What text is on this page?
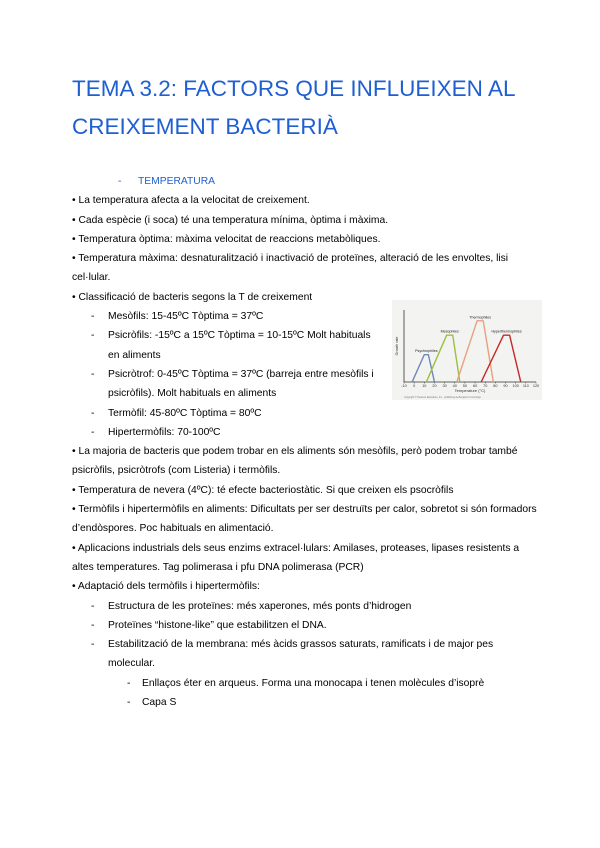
TEMA 3.2: FACTORS QUE INFLUEIXEN AL CREIXEMENT BACTERIÀ
- TEMPERATURA
• La temperatura afecta a la velocitat de creixement.
• Cada espècie (i soca) té una temperatura mínima, òptima i màxima.
• Temperatura òptima: màxima velocitat de reaccions metabòliques.
• Temperatura màxima: desnaturalització i inactivació de proteïnes, alteració de les envoltes, lisi cel·lular.
• Classificació de bacteris segons la T de creixement
- Mesòfils: 15-45ºC Tòptima = 37ºC
- Psicròfils: -15ºC a 15ºC Tòptima = 10-15ºC Molt habituals en aliments
- Psicròtrof: 0-45ºC Tòptima = 37ºC (barreja entre mesòfils i psicròfils). Molt habituals en aliments
- Termòfil: 45-80ºC Tòptima = 80ºC
- Hipertermòfils: 70-100ºC
• La majoria de bacteris que podem trobar en els aliments són mesòfils, però podem trobar també psicròfils, psicròtrofs (com Listeria) i termòfils.
• Temperatura de nevera (4ºC): té efecte bacteriostàtic. Si que creixen els psocròfils
• Termòfils i hipertermòfils en aliments: Dificultats per ser destruïts per calor, sobretot si són formadors d’endòspores. Poc habituals en alimentació.
• Aplicacions industrials dels seus enzims extracel·lulars: Amilases, proteases, lipases resistents a altes temperatures. Tag polimerasa i pfu DNA polimerasa (PCR)
• Adaptació dels termòfils i hipertermòfils:
- Estructura de les proteïnes: més xaperones, més ponts d’hidrogen
- Proteïnes “histone-like” que estabilitzen el DNA.
- Estabilització de la membrana: més àcids grassos saturats, ramificats i de major pes molecular.
- Enllaços éter en arqueus. Forma una monocapa i tenen molècules d’isoprè
- Capa S
Growth rate
-10 0 10 20 30 40 50 60 70 80 90 100 110 120
Temperature (°C)
Psychrophiles
Mesophiles
Thermophiles
Hyperthermophiles
Copyright © Pearson Education, Inc., publishing as Benjamin Cummings
